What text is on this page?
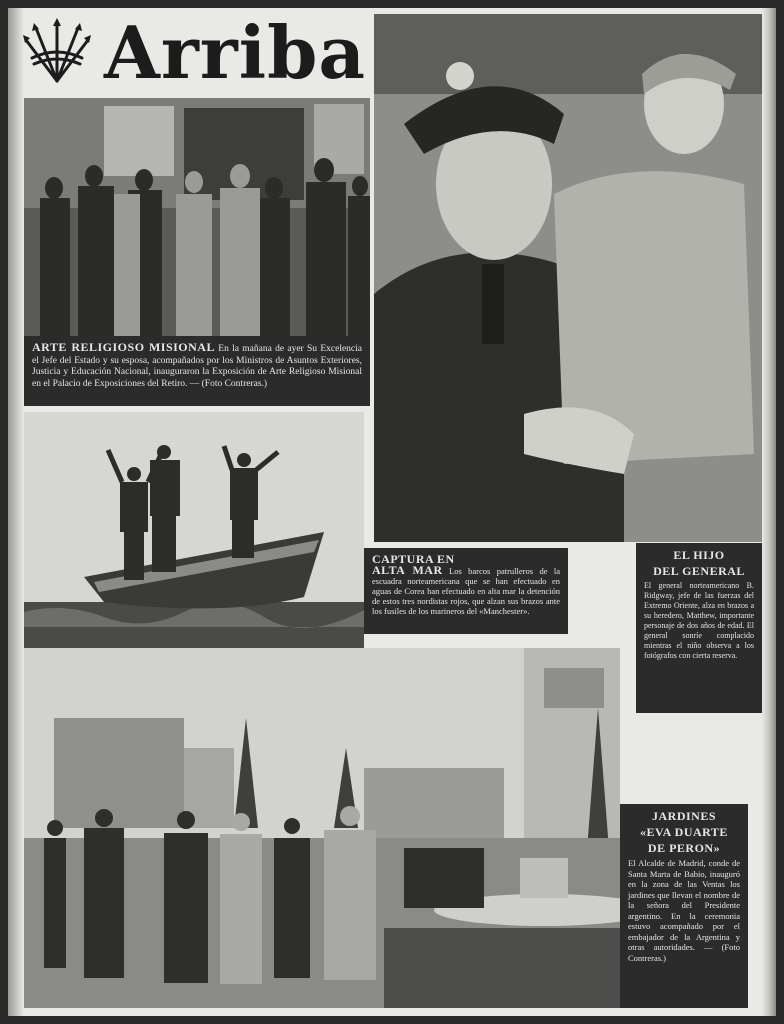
Arriba
ARTE RELIGIOSO MISIONAL En la mañana de ayer Su Excelencia el Jefe del Estado y su esposa, acompañados por los Ministros de Asuntos Exteriores, Justicia y Educación Nacional, inauguraron la Exposición de Arte Religioso Misional en el Palacio de Exposiciones del Retiro. — (Foto Contreras.)
CAPTURA EN
ALTA MAR Los barcos patrulleros de la escuadra norteamericana que se han efectuado en aguas de Corea han efectuado en alta mar la detención de estos tres nordistas rojos, que alzan sus brazos ante los fusiles de los marineros del «Manchester».
EL HIJO
DEL GENERAL
El general norteamericano B. Ridgway, jefe de las fuerzas del Extremo Oriente, alza en brazos a su heredero, Matthew, importante personaje de dos años de edad. El general sonríe complacido mientras el niño observa a los fotógrafos con cierta reserva.
JARDINES
«EVA DUARTE
DE PERON»
El Alcalde de Madrid, conde de Santa Marta de Babio, inauguró en la zona de las Ventas los jardines que llevan el nombre de la señora del Presidente argentino. En la ceremonia estuvo acompañado por el embajador de la Argentina y otras autoridades. — (Foto Contreras.)
